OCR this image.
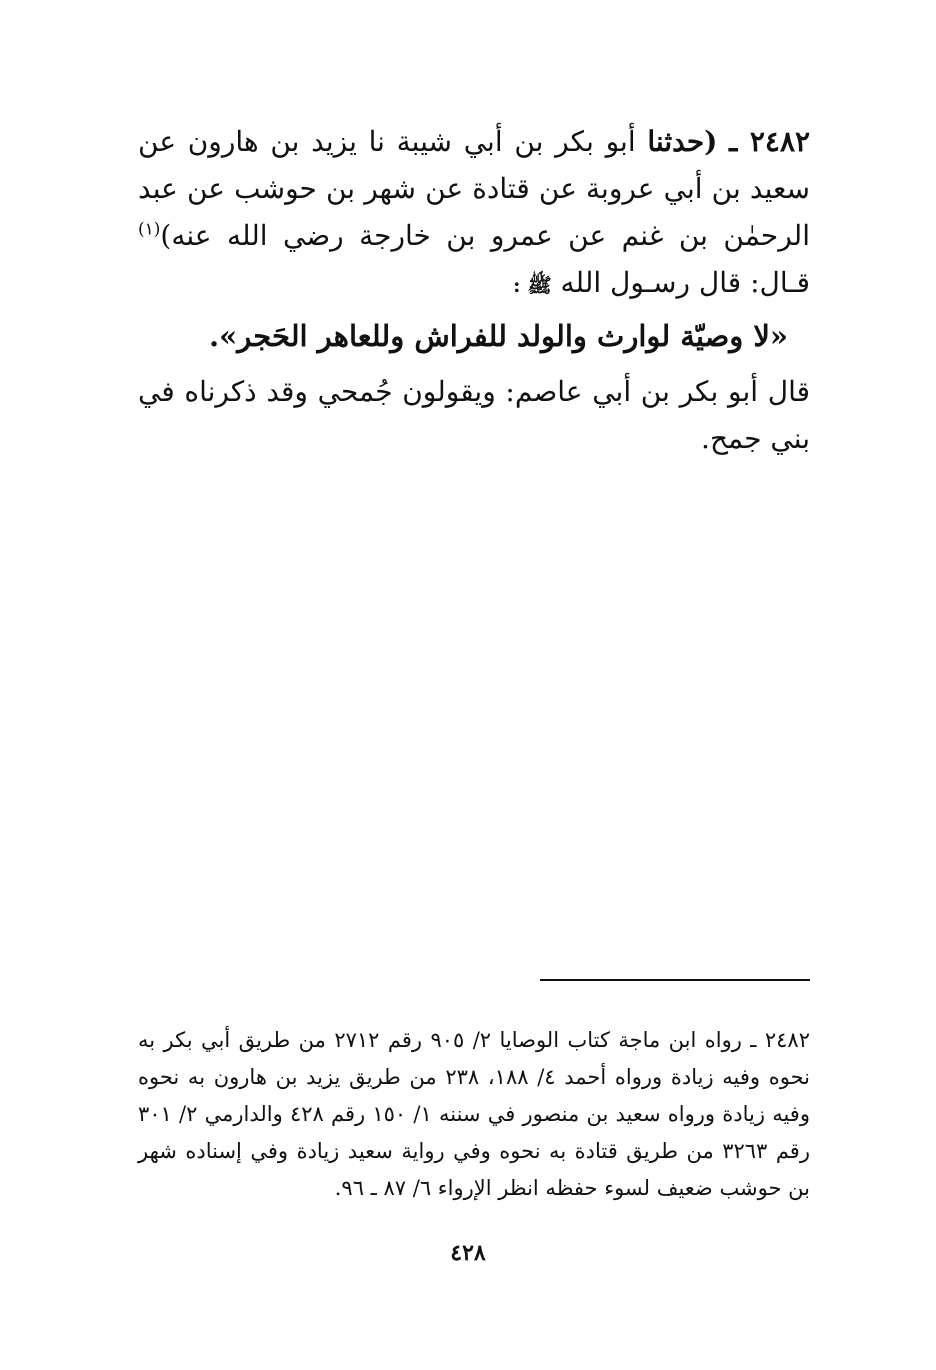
٢٤٨٢ ـ (حدثنا أبو بكر بن أبي شيبة نا يزيد بن هارون عن سعيد بن أبي عروبة عن قتادة عن شهر بن حوشب عن عبد الرحمٰن بن غنم عن عمرو بن خارجة رضي الله عنه)$^{(١)}$ قـال: قال رسـول الله ﷺ :

«لا وصيّة لوارث والولد للفراش وللعاهر الحَجر».

قال أبو بكر بن أبي عاصم: ويقولون جُمحي وقد ذكرناه في بني جمح.

٢٤٨٢ ـ رواه ابن ماجة كتاب الوصايا ٢/ ٩٠٥ رقم ٢٧١٢ من طريق أبي بكر به نحوه وفيه زيادة ورواه أحمد ٤/ ١٨٨، ٢٣٨ من طريق يزيد بن هارون به نحوه وفيه زيادة ورواه سعيد بن منصور في سننه ١/ ١٥٠ رقم ٤٢٨ والدارمي ٢/ ٣٠١ رقم ٣٢٦٣ من طريق قتادة به نحوه وفي رواية سعيد زيادة وفي إسناده شهر بن حوشب ضعيف لسوء حفظه انظر الإرواء ٦/ ٨٧ ـ ٩٦.

٤٢٨
